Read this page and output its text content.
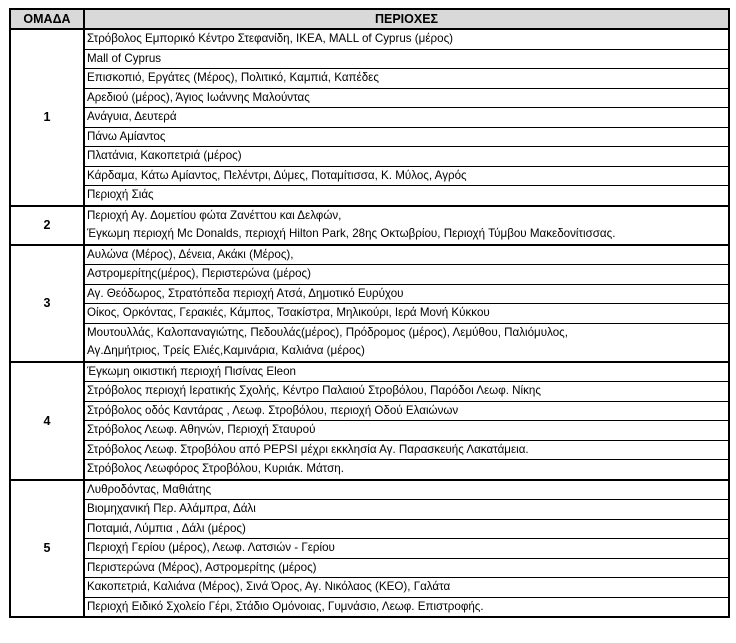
ΟΜΑΔΑ	ΠΕΡΙΟΧΕΣ
1	Στρόβολος Εμπορικό Κέντρο Στεφανίδη, IKEA, MALL of Cyprus (μέρος)
	Mall of Cyprus
	Επισκοπιό, Εργάτες (Μέρος), Πολιτικό, Καμπιά, Καπέδες
	Αρεδιού (μέρος), Άγιος Ιωάννης Μαλούντας
	Ανάγυια, Δευτερά
	Πάνω Αμίαντος
	Πλατάνια, Κακοπετριά (μέρος)
	Κάρδαμα, Κάτω Αμίαντος, Πελέντρι, Δύμες, Ποταμίτισσα, Κ. Μύλος, Αγρός
	Περιοχή Σιάς
2	Περιοχή Αγ. Δομετίου φώτα Ζανέττου και Δελφών,
Έγκωμη περιοχή Mc Donalds, περιοχή Hilton Park, 28ης Οκτωβρίου, Περιοχή Τύμβου Μακεδονίτισσας.

3	Αυλώνα (Μέρος), Δένεια, Ακάκι (Μέρος),
	Αστρομερίτης(μέρος), Περιστερώνα (μέρος)
	Αγ. Θεόδωρος, Στρατόπεδα περιοχή Ατσά, Δημοτικό Ευρύχου
	Οίκος, Ορκόντας, Γερακιές, Κάμπος, Τσακίστρα, Μηλικούρι, Ιερά Μονή Κύκκου

	Μουτουλλάς, Καλοπαναγιώτης, Πεδουλάς(μέρος), Πρόδρομος (μέρος), Λεμύθου, Παλιόμυλος,
Αγ.Δημήτριος, Τρείς Ελιές,Καμινάρια, Καλιάνα (μέρος)

4	Έγκωμη οικιστική περιοχή Πισίνας Eleon
	Στρόβολος περιοχή Ιερατικής Σχολής, Κέντρο Παλαιού Στροβόλου, Παρόδοι Λεωφ. Νίκης
	Στρόβολος οδός Καντάρας , Λεωφ. Στροβόλου, περιοχή Οδού Ελαιώνων
	Στρόβολος Λεωφ. Αθηνών, Περιοχή Σταυρού
	Στρόβολος Λεωφ. Στροβόλου από PEPSI μέχρι εκκλησία Αγ. Παρασκευής Λακατάμεια.
	Στρόβολος Λεωφόρος Στροβόλου, Κυριάκ. Μάτση.
5	Λυθροδόντας, Μαθιάτης
	Βιομηχανική Περ. Αλάμπρα, Δάλι
	Ποταμιά, Λύμπια , Δάλι (μέρος)
	Περιοχή Γερίου (μέρος), Λεωφ. Λατσιών - Γερίου
	Περιστερώνα (Μέρος), Αστρομερίτης (μέρος)
	Κακοπετριά, Καλιάνα (Μέρος), Σινά Όρος, Αγ. Νικόλαος (ΚΕΟ), Γαλάτα
	Περιοχή Ειδικό Σχολείο Γέρι, Στάδιο Ομόνοιας, Γυμνάσιο, Λεωφ. Επιστροφής.
